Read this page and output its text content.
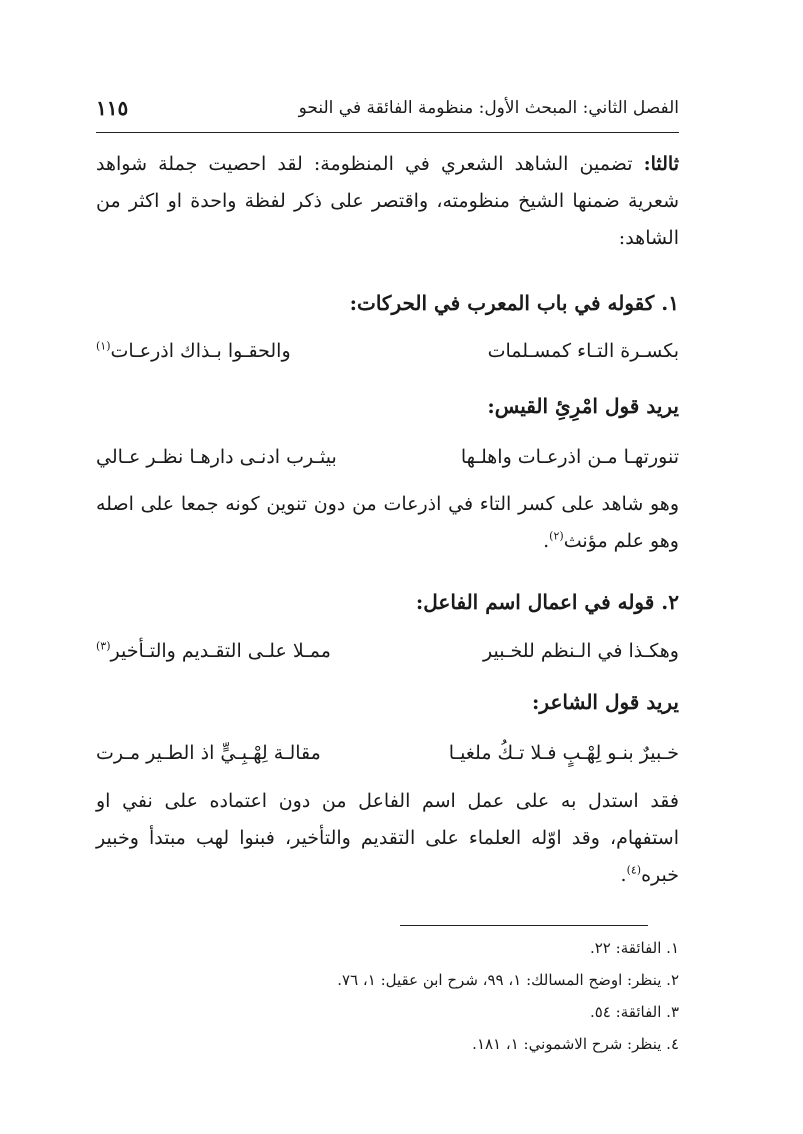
الفصل الثاني: المبحث الأول: منظومة الفائقة في النحو
١١٥
ثالثا: تضمين الشاهد الشعري في المنظومة: لقد احصيت جملة شواهد شعرية ضمنها الشيخ منظومته، واقتصر على ذكر لفظة واحدة او اكثر من الشاهد:
١. كقوله في باب المعرب في الحركات:
بكسـرة التـاء كمسـلمات
والحقـوا بـذاك اذرعـات$^{(١)}$
يريد قول امْرِئِ القيس:
تنورتهـا مـن اذرعـات واهلـها
بيثـرب ادنـى دارهـا نظـر عـالي
وهو شاهد على كسر التاء في اذرعات من دون تنوين كونه جمعا على اصله وهو علم مؤنث$^{(٢)}$.
٢. قوله في اعمال اسم الفاعل:
وهكـذا في الـنظم للخـبير
ممـلا علـى التقـديم والتـأخير$^{(٣)}$
يريد قول الشاعر:
خـبيرٌ بنـو لِهْـبٍ فـلا تـكُ ملغيـا
مقالـة لِهْـبِـيٍّ اذ الطـير مـرت
فقد استدل به على عمل اسم الفاعل من دون اعتماده على نفي او استفهام، وقد اوّله العلماء على التقديم والتأخير، فبنوا لهب مبتدأ وخبير خبره$^{(٤)}$.
١. الفائقة: ٢٢.
٢. ينظر: اوضح المسالك: ١، ٩٩، شرح ابن عقيل: ١، ٧٦.
٣. الفائقة: ٥٤.
٤. ينظر: شرح الاشموني: ١، ١٨١.
